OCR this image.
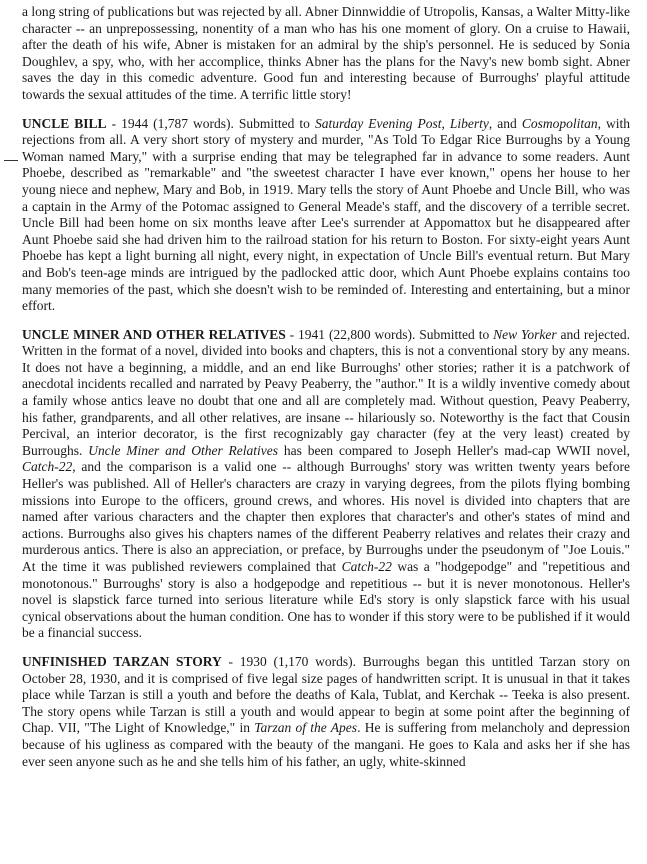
a long string of publications but was rejected by all. Abner Dinnwiddie of Utropolis, Kansas, a Walter Mitty-like character -- an unprepossessing, nonentity of a man who has his one moment of glory. On a cruise to Hawaii, after the death of his wife, Abner is mistaken for an admiral by the ship's personnel. He is seduced by Sonia Doughlev, a spy, who, with her accomplice, thinks Abner has the plans for the Navy's new bomb sight. Abner saves the day in this comedic adventure. Good fun and interesting because of Burroughs' playful attitude towards the sexual attitudes of the time. A terrific little story!

UNCLE BILL - 1944 (1,787 words). Submitted to Saturday Evening Post, Liberty, and Cosmopolitan, with rejections from all. A very short story of mystery and murder, "As Told To Edgar Rice Burroughs by a Young Woman named Mary," with a surprise ending that may be telegraphed far in advance to some readers. Aunt Phoebe, described as "remarkable" and "the sweetest character I have ever known," opens her house to her young niece and nephew, Mary and Bob, in 1919. Mary tells the story of Aunt Phoebe and Uncle Bill, who was a captain in the Army of the Potomac assigned to General Meade's staff, and the discovery of a terrible secret. Uncle Bill had been home on six months leave after Lee's surrender at Appomattox but he disappeared after Aunt Phoebe said she had driven him to the railroad station for his return to Boston. For sixty-eight years Aunt Phoebe has kept a light burning all night, every night, in expectation of Uncle Bill's eventual return. But Mary and Bob's teen-age minds are intrigued by the padlocked attic door, which Aunt Phoebe explains contains too many memories of the past, which she doesn't wish to be reminded of. Interesting and entertaining, but a minor effort.

UNCLE MINER AND OTHER RELATIVES - 1941 (22,800 words). Submitted to New Yorker and rejected. Written in the format of a novel, divided into books and chapters, this is not a conventional story by any means. It does not have a beginning, a middle, and an end like Burroughs' other stories; rather it is a patchwork of anecdotal incidents recalled and narrated by Peavy Peaberry, the "author." It is a wildly inventive comedy about a family whose antics leave no doubt that one and all are completely mad. Without question, Peavy Peaberry, his father, grandparents, and all other relatives, are insane -- hilariously so. Noteworthy is the fact that Cousin Percival, an interior decorator, is the first recognizably gay character (fey at the very least) created by Burroughs. Uncle Miner and Other Relatives has been compared to Joseph Heller's mad-cap WWII novel, Catch-22, and the comparison is a valid one -- although Burroughs' story was written twenty years before Heller's was published. All of Heller's characters are crazy in varying degrees, from the pilots flying bombing missions into Europe to the officers, ground crews, and whores. His novel is divided into chapters that are named after various characters and the chapter then explores that character's and other's states of mind and actions. Burroughs also gives his chapters names of the different Peaberry relatives and relates their crazy and murderous antics. There is also an appreciation, or preface, by Burroughs under the pseudonym of "Joe Louis." At the time it was published reviewers complained that Catch-22 was a "hodgepodge" and "repetitious and monotonous." Burroughs' story is also a hodgepodge and repetitious -- but it is never monotonous. Heller's novel is slapstick farce turned into serious literature while Ed's story is only slapstick farce with his usual cynical observations about the human condition. One has to wonder if this story were to be published if it would be a financial success.

UNFINISHED TARZAN STORY - 1930 (1,170 words). Burroughs began this untitled Tarzan story on October 28, 1930, and it is comprised of five legal size pages of handwritten script. It is unusual in that it takes place while Tarzan is still a youth and before the deaths of Kala, Tublat, and Kerchak -- Teeka is also present. The story opens while Tarzan is still a youth and would appear to begin at some point after the beginning of Chap. VII, "The Light of Knowledge," in Tarzan of the Apes. He is suffering from melancholy and depression because of his ugliness as compared with the beauty of the mangani. He goes to Kala and asks her if she has ever seen anyone such as he and she tells him of his father, an ugly, white-skinned
